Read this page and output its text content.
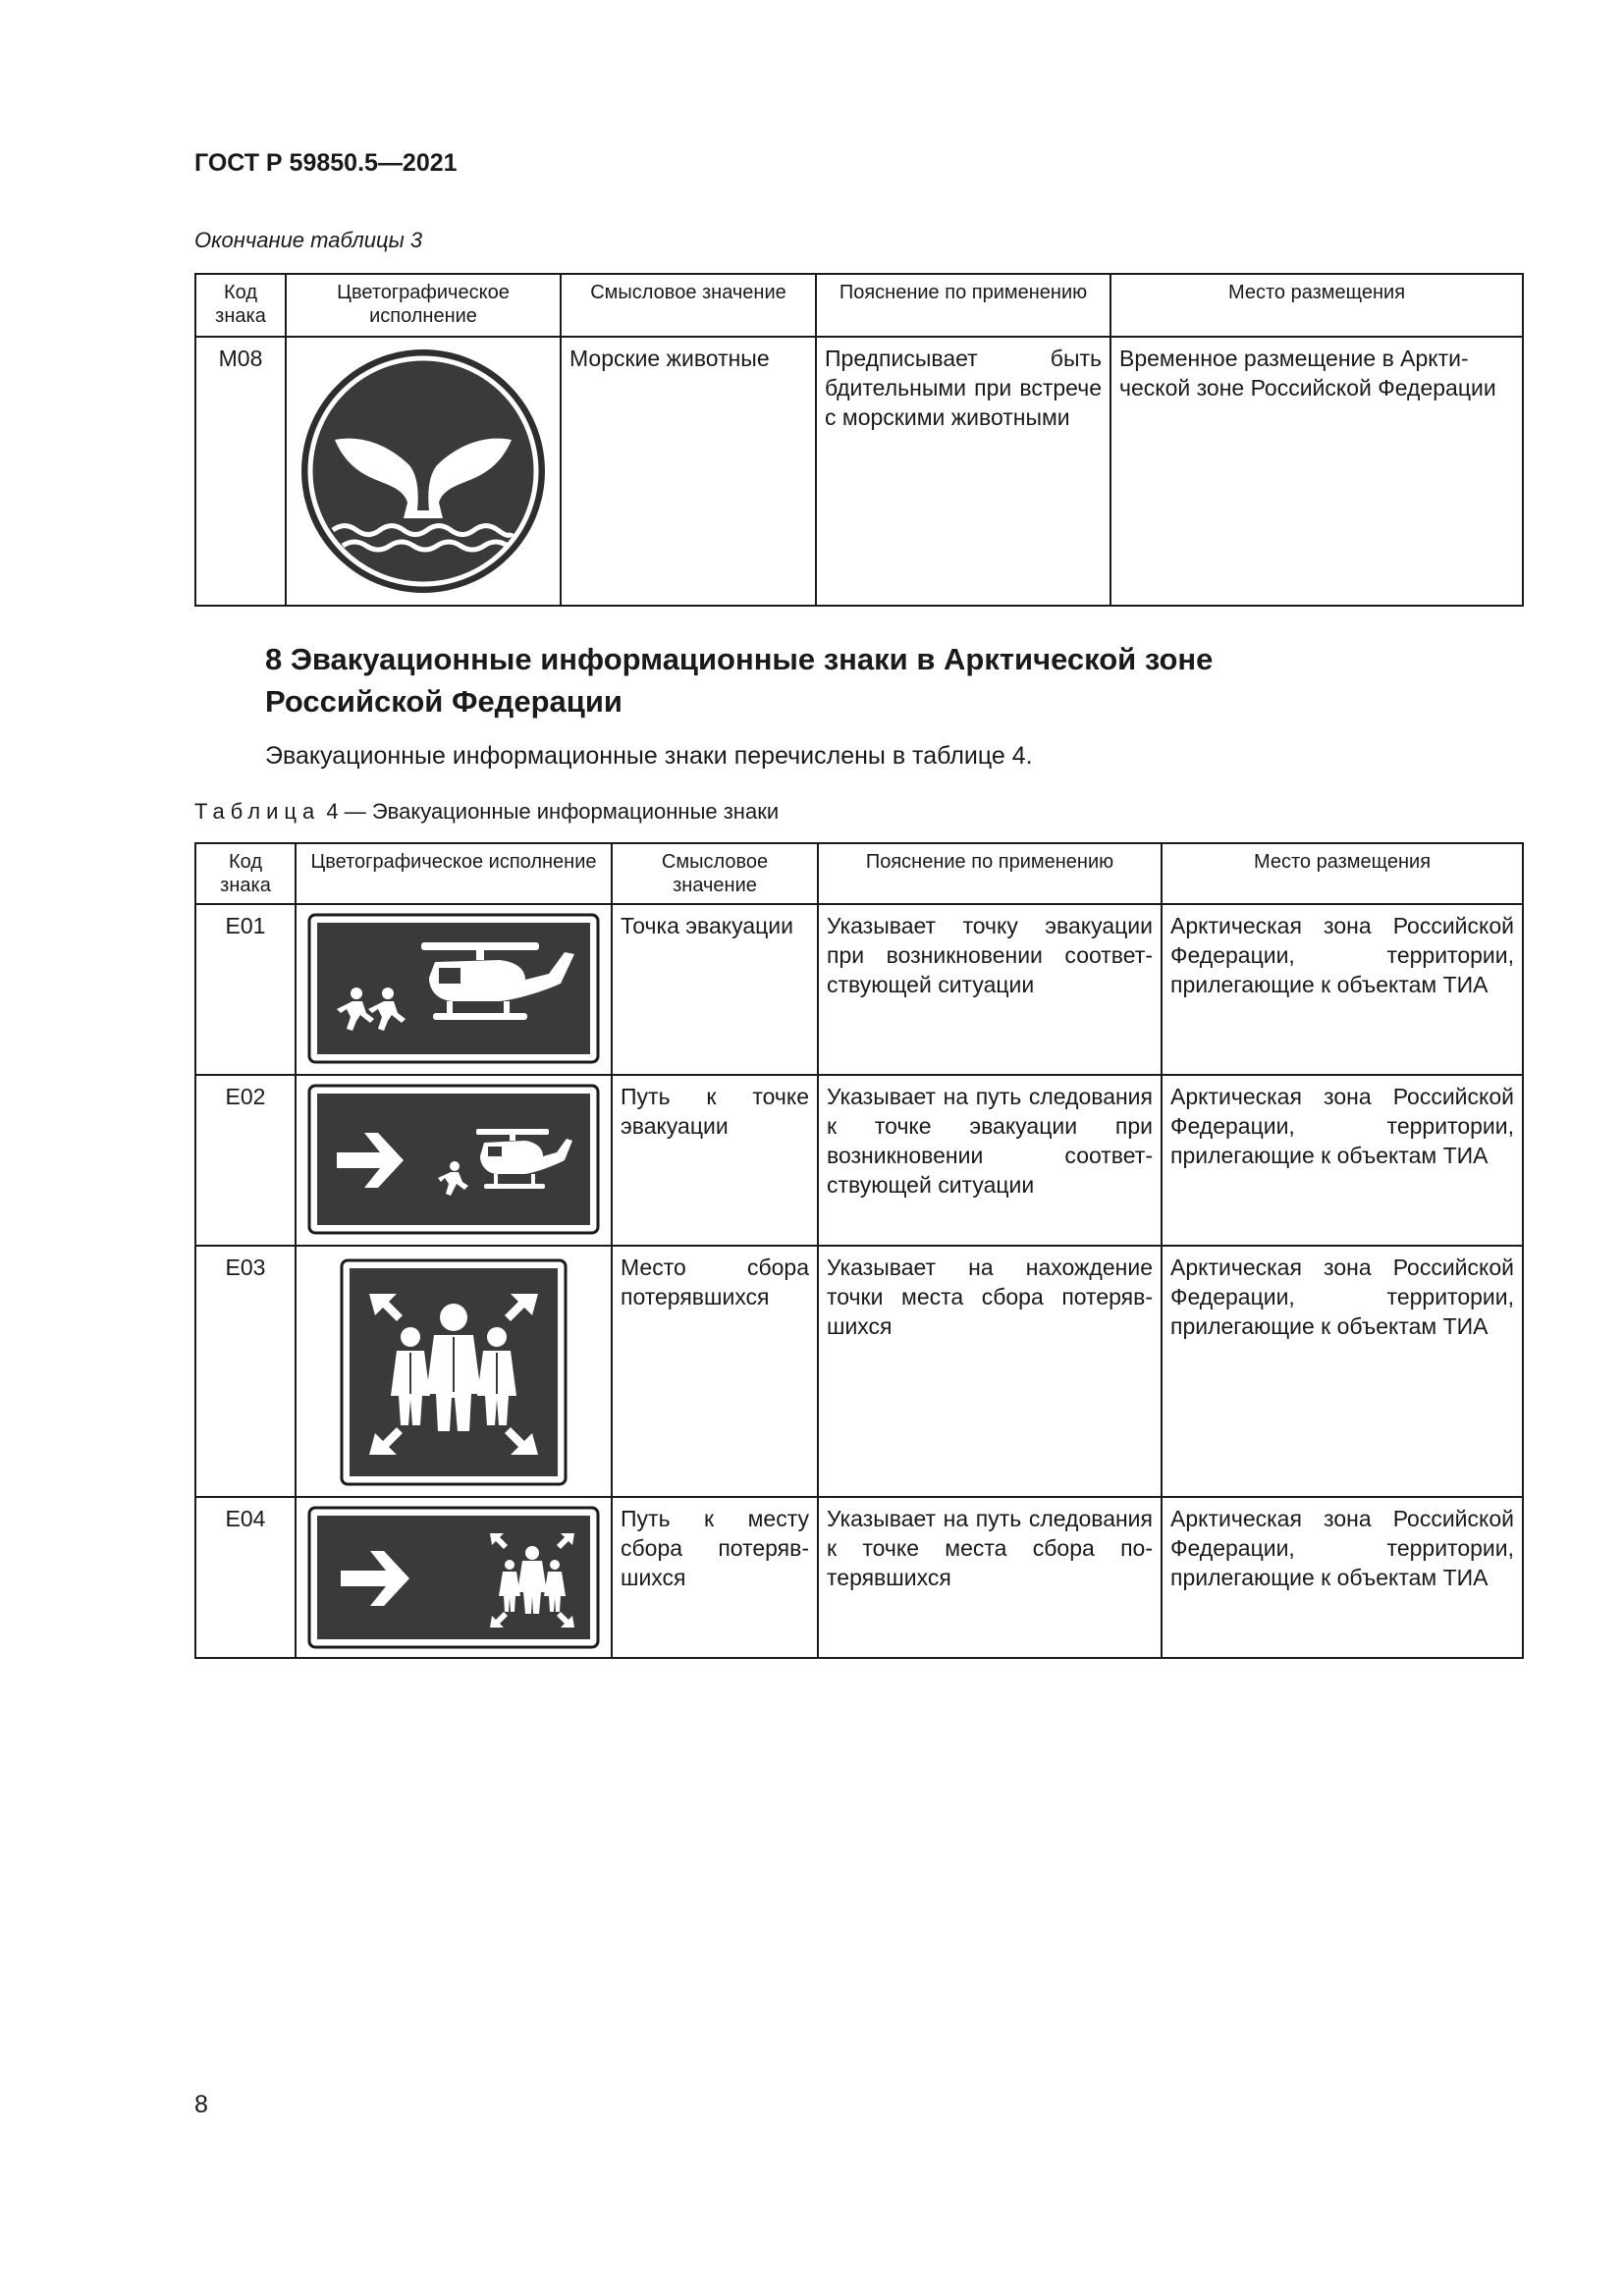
ГОСТ Р 59850.5—2021
Окончание таблицы 3
Код знака	Цветографическое исполнение	Смысловое значение	Пояснение по применению	Место размещения
M08		Морские животные	Предписывает быть бдительными при встрече с морскими животными	Временное размещение в Арктической зоне Российской Федерации
8 Эвакуационные информационные знаки в Арктической зоне Российской Федерации
Эвакуационные информационные знаки перечислены в таблице 4.
Таблица 4 — Эвакуационные информационные знаки
Код знака	Цветографическое исполнение	Смысловое значение	Пояснение по применению	Место размещения
E01		Точка эвакуации	Указывает точку эвакуации при возникновении соответствующей ситуации	Арктическая зона Российской Федерации, территории, прилегающие к объектам ТИА
E02		Путь к точке эвакуации	Указывает на путь следования к точке эвакуации при возникновении соответствующей ситуации	Арктическая зона Российской Федерации, территории, прилегающие к объектам ТИА
E03		Место сбора потерявшихся	Указывает на нахождение точки места сбора потерявшихся	Арктическая зона Российской Федерации, территории, прилегающие к объектам ТИА
E04		Путь к месту сбора потерявшихся	Указывает на путь следования к точке места сбора потерявшихся	Арктическая зона Российской Федерации, территории, прилегающие к объектам ТИА
8
